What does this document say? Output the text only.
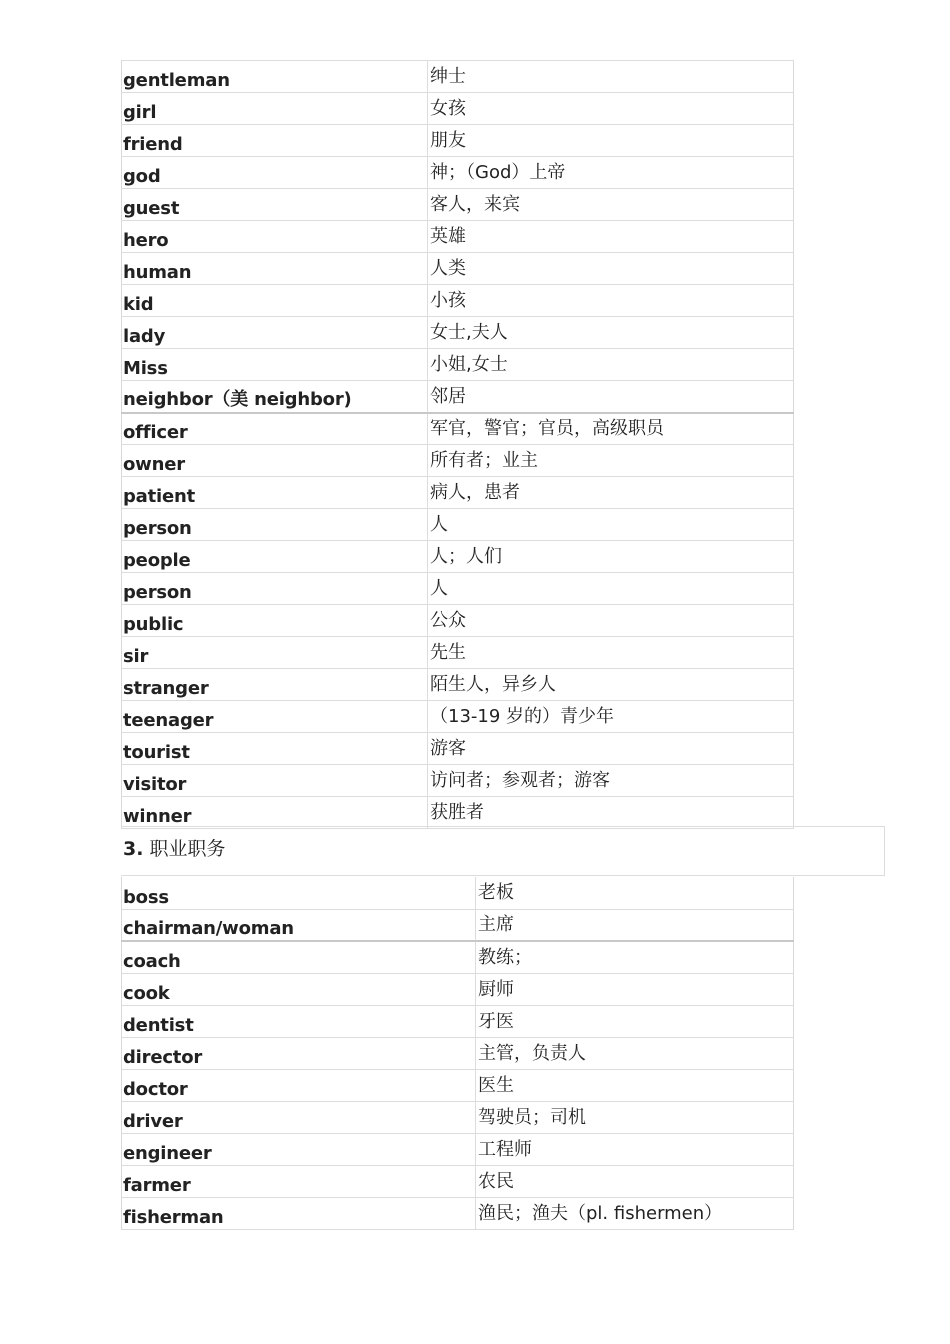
gentleman	绅士
girl	女孩
friend	朋友
god	神；（God）上帝
guest	客人，来宾
hero	英雄
human	人类
kid	小孩
lady	女士,夫人
Miss	小姐,女士
neighbor（美 neighbor)	邻居
officer	军官，警官；官员，高级职员
owner	所有者；业主
patient	病人，患者
person	人
people	人；人们
person	人
public	公众
sir	先生
stranger	陌生人，异乡人
teenager	（13-19 岁的）青少年
tourist	游客
visitor	访问者；参观者；游客
winner	获胜者
3. 职业职务
boss	老板
chairman/woman	主席
coach	教练；
cook	厨师
dentist	牙医
director	主管，负责人
doctor	医生
driver	驾驶员；司机
engineer	工程师
farmer	农民
fisherman	渔民；渔夫（pl. fishermen）
